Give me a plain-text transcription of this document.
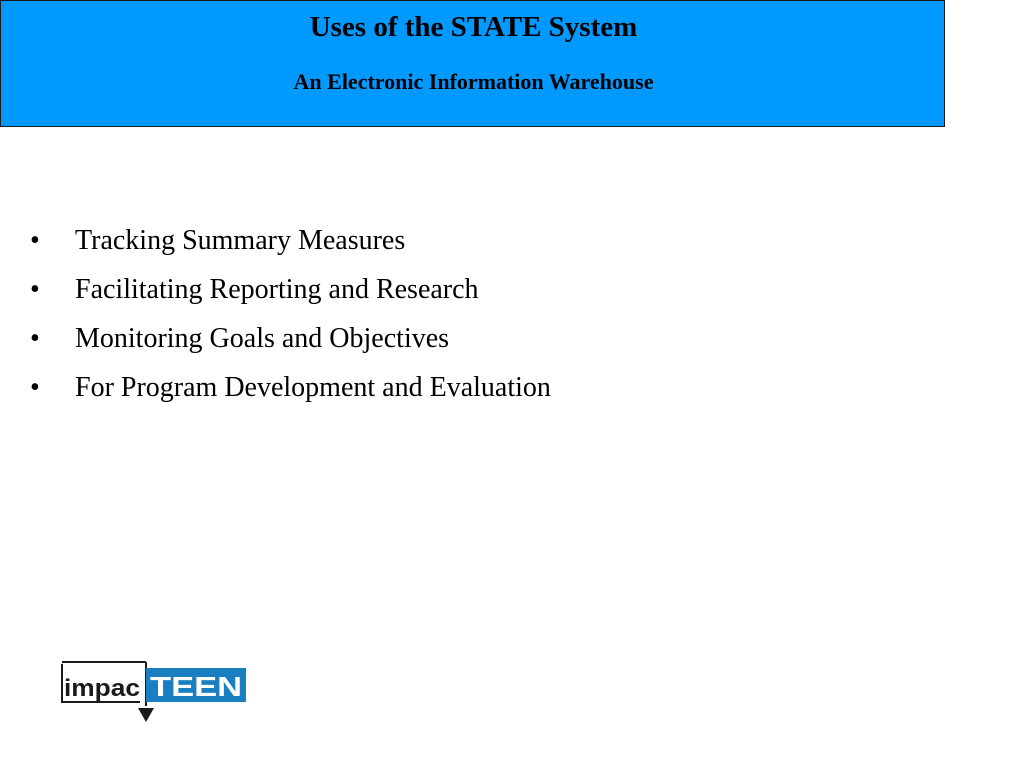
Uses of the STATE System
An Electronic Information Warehouse
•	Tracking Summary Measures
•	Facilitating Reporting and Research
•	Monitoring Goals and Objectives
•	For Program Development and Evaluation
impac TEEN
